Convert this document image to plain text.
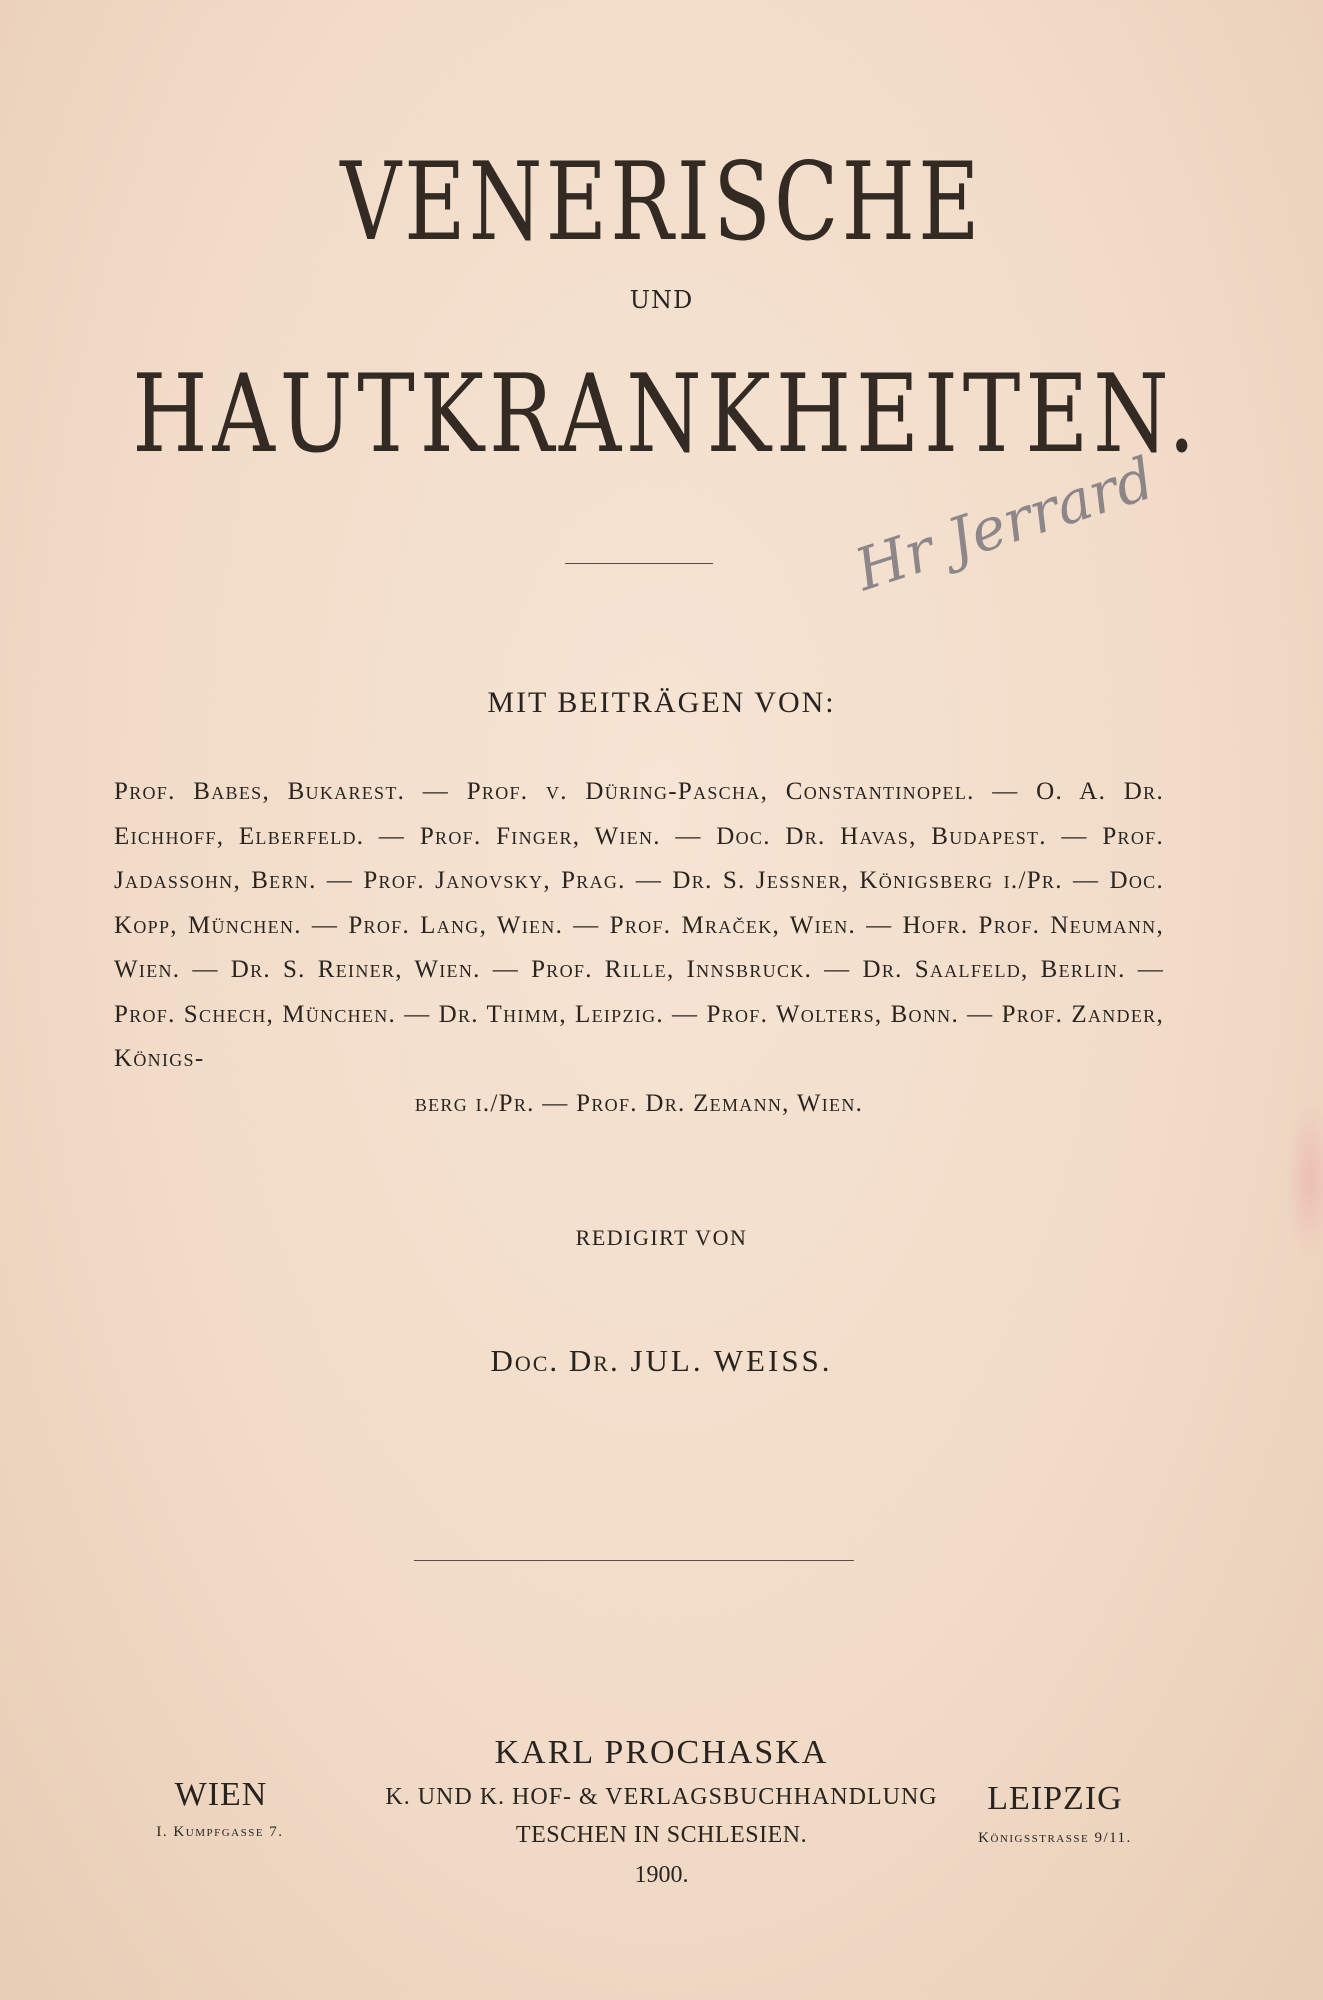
VENERISCHE
UND
HAUTKRANKHEITEN.
Hr Jerrard
MIT BEITRÄGEN VON:
Prof. Babes, Bukarest. — Prof. v. Düring-Pascha, Constantinopel. — O. A. Dr. Eichhoff, Elberfeld. — Prof. Finger, Wien. — Doc. Dr. Havas, Budapest. — Prof. Jadassohn, Bern. — Prof. Janovsky, Prag. — Dr. S. Jessner, Königsberg i./Pr. — Doc. Kopp, München. — Prof. Lang, Wien. — Prof. Mraček, Wien. — Hofr. Prof. Neumann, Wien. — Dr. S. Reiner, Wien. — Prof. Rille, Innsbruck. — Dr. Saalfeld, Berlin. — Prof. Schech, München. — Dr. Thimm, Leipzig. — Prof. Wolters, Bonn. — Prof. Zander, Königs-
berg i./Pr. — Prof. Dr. Zemann, Wien.
REDIGIRT VON
Doc. Dr. JUL. WEISS.
KARL PROCHASKA
K. UND K. HOF- & VERLAGSBUCHHANDLUNG
TESCHEN IN SCHLESIEN.
1900.
WIEN
I. Kumpfgasse 7.
LEIPZIG
Königsstrasse 9/11.
